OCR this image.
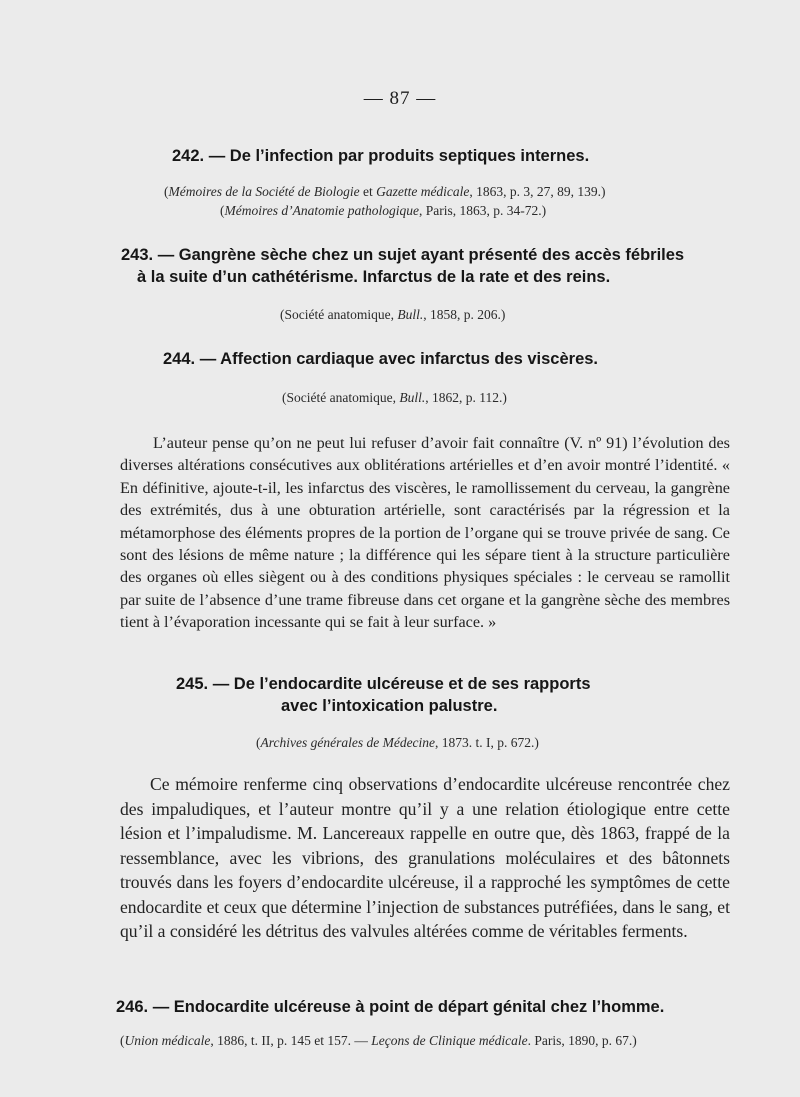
— 87 —
242. — De l’infection par produits septiques internes.
(Mémoires de la Société de Biologie et Gazette médicale, 1863, p. 3, 27, 89, 139.)
(Mémoires d’Anatomie pathologique, Paris, 1863, p. 34-72.)
243. — Gangrène sèche chez un sujet ayant présenté des accès fébriles
à la suite d’un cathétérisme. Infarctus de la rate et des reins.
(Société anatomique, Bull., 1858, p. 206.)
244. — Affection cardiaque avec infarctus des viscères.
(Société anatomique, Bull., 1862, p. 112.)

L’auteur pense qu’on ne peut lui refuser d’avoir fait connaître (V. nº 91) l’évolution des diverses altérations consécutives aux oblitérations artérielles et d’en avoir montré l’identité. « En définitive, ajoute-t-il, les infarctus des viscères, le ramollissement du cerveau, la gangrène des extrémités, dus à une obturation artérielle, sont caractérisés par la régression et la métamorphose des éléments propres de la portion de l’organe qui se trouve privée de sang. Ce sont des lésions de même nature ; la différence qui les sépare tient à la structure particulière des organes où elles siègent ou à des conditions physiques spéciales : le cerveau se ramollit par suite de l’absence d’une trame fibreuse dans cet organe et la gangrène sèche des membres tient à l’évaporation incessante qui se fait à leur surface. »

245. — De l’endocardite ulcéreuse et de ses rapports
avec l’intoxication palustre.
(Archives générales de Médecine, 1873. t. I, p. 672.)

Ce mémoire renferme cinq observations d’endocardite ulcéreuse rencontrée chez des impaludiques, et l’auteur montre qu’il y a une relation étiologique entre cette lésion et l’impaludisme. M. Lancereaux rappelle en outre que, dès 1863, frappé de la ressemblance, avec les vibrions, des granulations moléculaires et des bâtonnets trouvés dans les foyers d’endocardite ulcéreuse, il a rapproché les symptômes de cette endocardite et ceux que détermine l’injection de substances putréfiées, dans le sang, et qu’il a considéré les détritus des valvules altérées comme de véritables ferments.

246. — Endocardite ulcéreuse à point de départ génital chez l’homme.
(Union médicale, 1886, t. II, p. 145 et 157. — Leçons de Clinique médicale. Paris, 1890, p. 67.)
